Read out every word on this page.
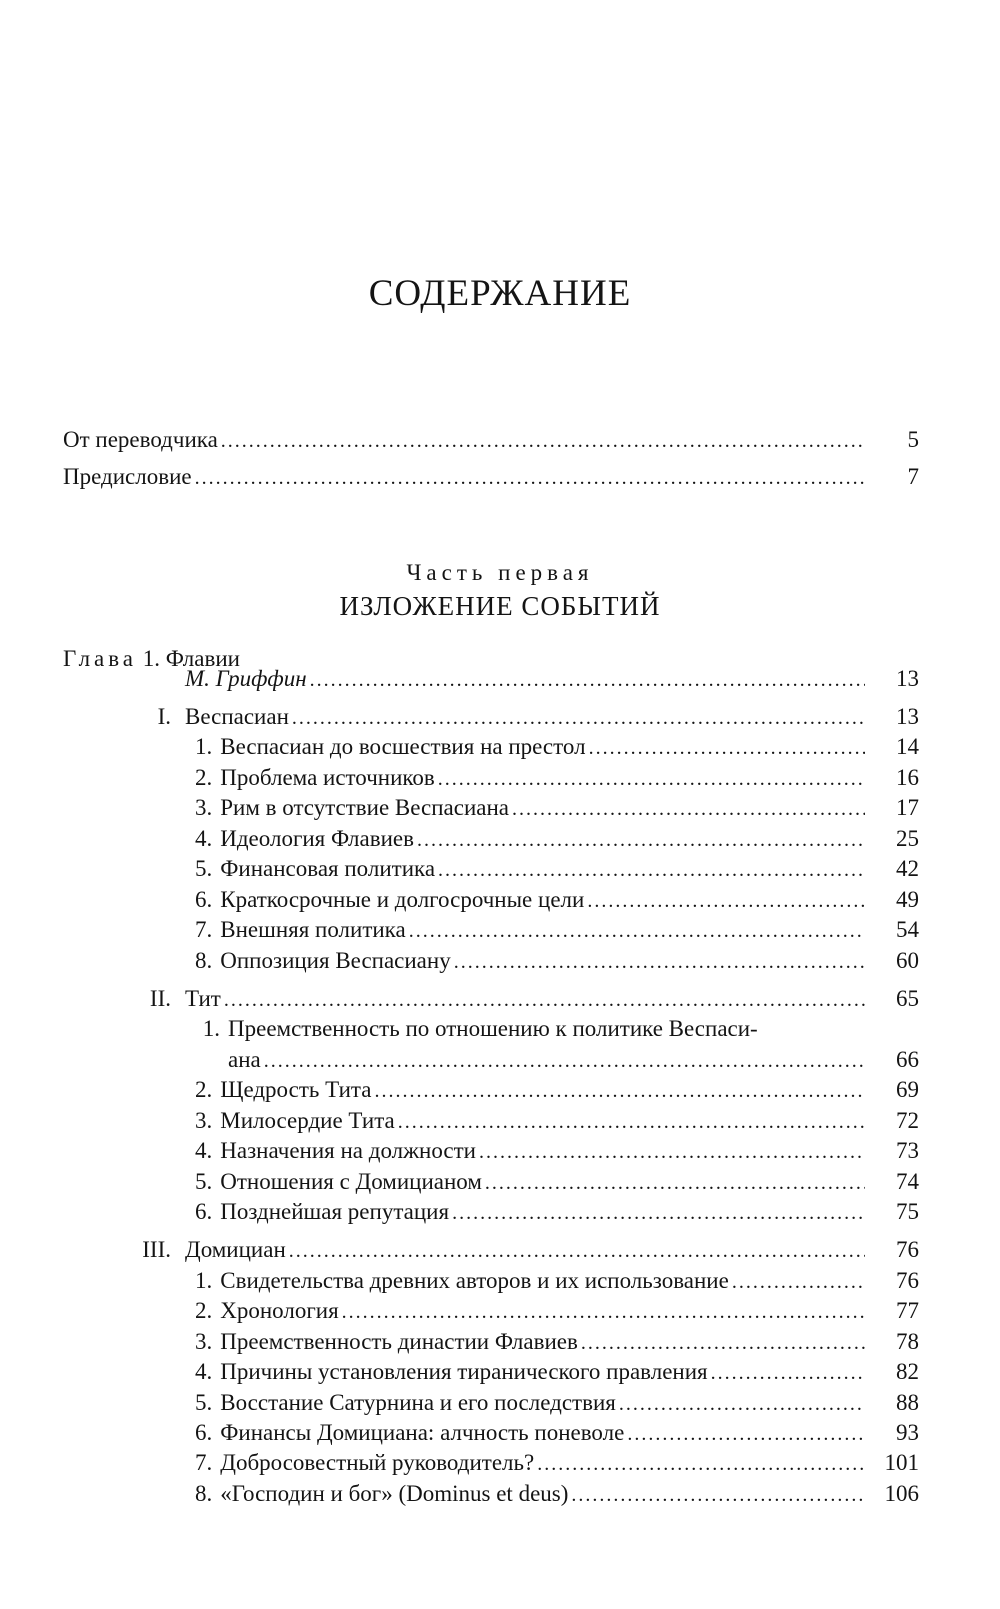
СОДЕРЖАНИЕ
От переводчика .....	5
Предисловие .....	7
Часть первая
ИЗЛОЖЕНИЕ СОБЫТИЙ
Глава 1. Флавии
М. Гриффин .....	13
I. Веспасиан .....	13
1. Веспасиан до восшествия на престол .....	14
2. Проблема источников .....	16
3. Рим в отсутствие Веспасиана .....	17
4. Идеология Флавиев .....	25
5. Финансовая политика .....	42
6. Краткосрочные и долгосрочные цели .....	49
7. Внешняя политика .....	54
8. Оппозиция Веспасиану .....	60
II. Тит .....	65
1. Преемственность по отношению к политике Веспаси-
ана .....	66
2. Щедрость Тита .....	69
3. Милосердие Тита .....	72
4. Назначения на должности .....	73
5. Отношения с Домицианом .....	74
6. Позднейшая репутация .....	75
III. Домициан .....	76
1. Свидетельства древних авторов и их использование .....	76
2. Хронология .....	77
3. Преемственность династии Флавиев .....	78
4. Причины установления тиранического правления .....	82
5. Восстание Сатурнина и его последствия .....	88
6. Финансы Домициана: алчность поневоле .....	93
7. Добросовестный руководитель? .....	101
8. «Господин и бог» (Dominus et deus) .....	106
